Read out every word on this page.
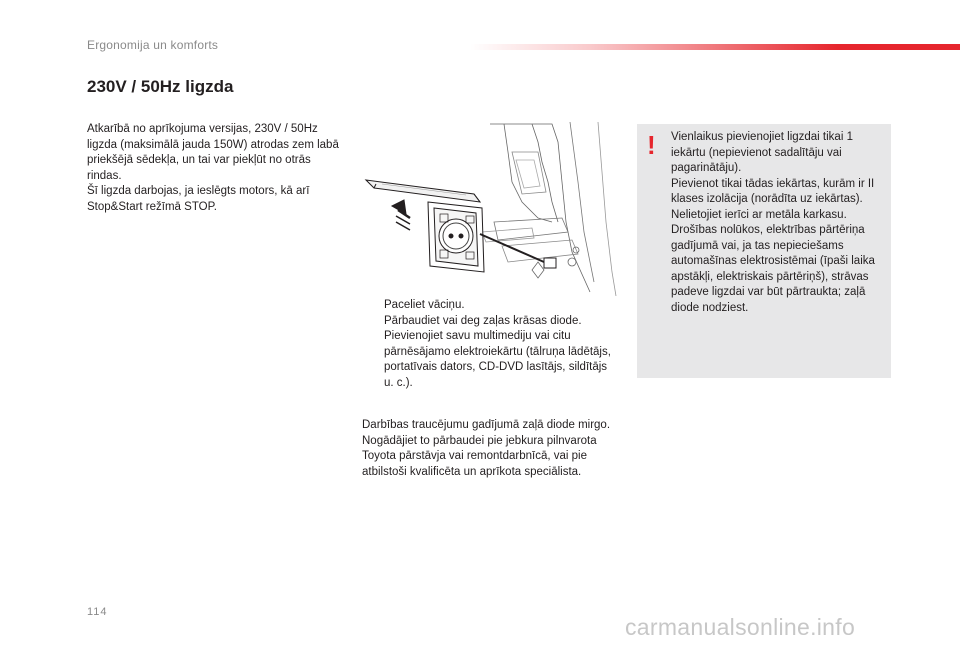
Ergonomija un komforts
230V / 50Hz ligzda

Atkarībā no aprīkojuma versijas, 230V / 50Hz ligzda (maksimālā jauda 150W) atrodas zem labā priekšējā sēdekļa, un tai var piekļūt no otrās rindas.

Šī ligzda darbojas, ja ieslēgts motors, kā arī Stop&Start režīmā STOP.

Paceliet vāciņu.
Pārbaudiet vai deg zaļas krāsas diode.
Pievienojiet savu multimediju vai citu pārnēsājamo elektroiekārtu (tālruņa lādētājs, portatīvais dators, CD-DVD lasītājs, sildītājs u. c.).

Darbības traucējumu gadījumā zaļā diode mirgo.

Nogādājiet to pārbaudei pie jebkura pilnvarota Toyota pārstāvja vai remontdarbnīcā, vai pie atbilstoši kvalificēta un aprīkota speciālista.

! Vienlaikus pievienojiet ligzdai tikai 1 iekārtu (nepievienot sadalītāju vai pagarinātāju).

Pievienot tikai tādas iekārtas, kurām ir II klases izolācija (norādīta uz iekārtas).

Nelietojiet ierīci ar metāla karkasu.

Drošības nolūkos, elektrības pārtēriņa gadījumā vai, ja tas nepieciešams automašīnas elektrosistēmai (īpaši laika apstākļi, elektriskais pārtēriņš), strāvas padeve ligzdai var būt pārtraukta; zaļā diode nodziest.

114
carmanualsonline.info
